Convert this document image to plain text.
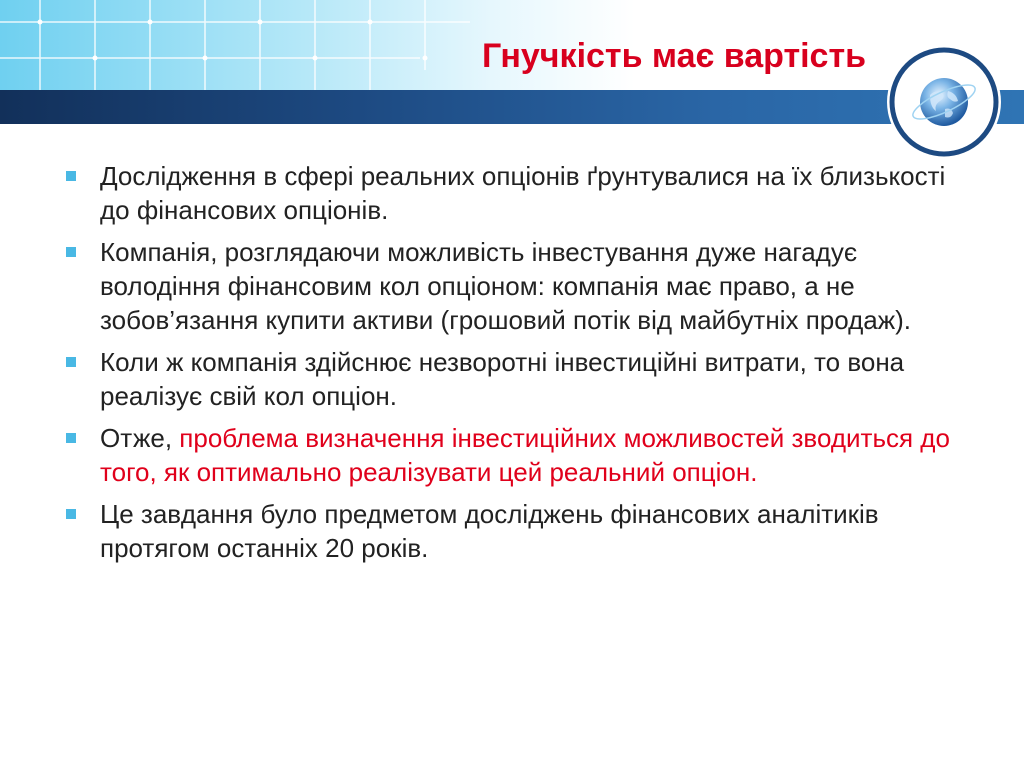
Гнучкість має вартість
Дослідження в сфері реальних опціонів ґрунтувалися на їх близькості до фінансових опціонів.
Компанія, розглядаючи можливість інвестування дуже нагадує володіння фінансовим кол опціоном: компанія має право, а не зобов’язання купити активи (грошовий потік від майбутніх продаж).
Коли ж компанія здійснює незворотні інвестиційні витрати, то вона реалізує свій кол опціон.
Отже, проблема визначення інвестиційних можливостей зводиться до того, як оптимально реалізувати цей реальний опціон.
Це завдання було предметом досліджень фінансових аналітиків протягом останніх 20 років.
